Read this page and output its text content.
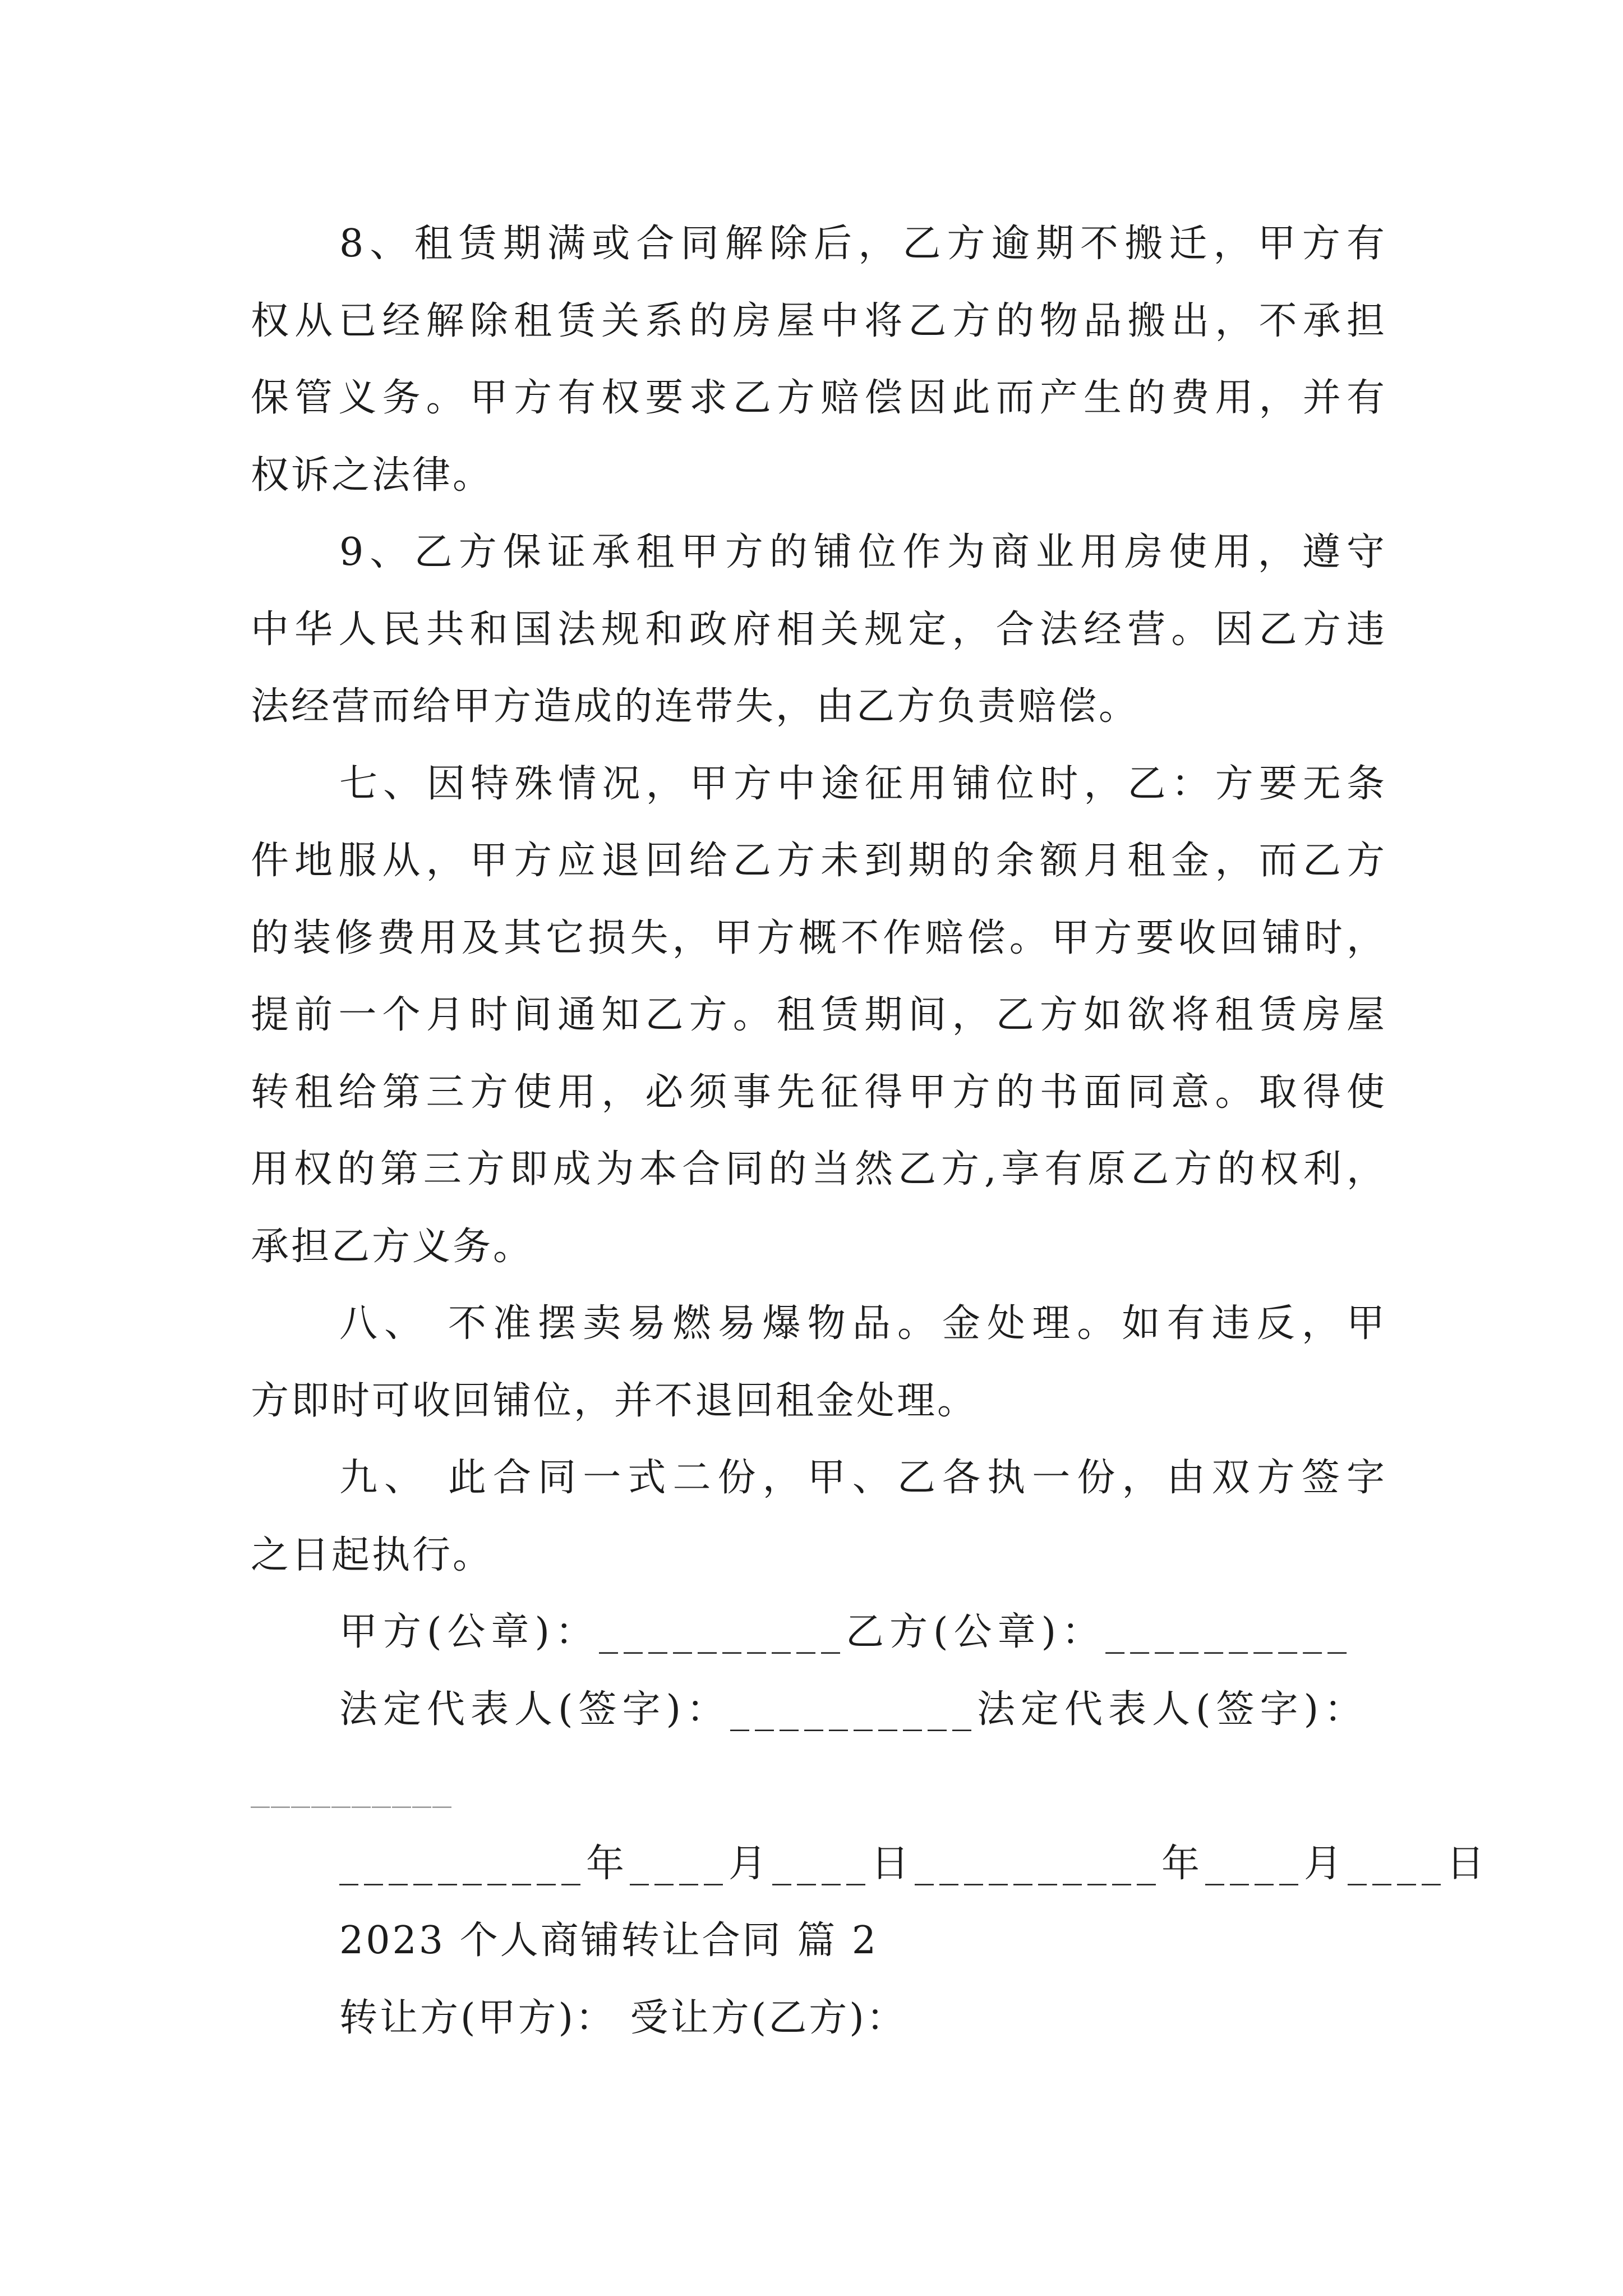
8、租赁期满或合同解除后，乙方逾期不搬迁，甲方有
权从已经解除租赁关系的房屋中将乙方的物品搬出，不承担
保管义务。甲方有权要求乙方赔偿因此而产生的费用，并有
权诉之法律。
9、乙方保证承租甲方的铺位作为商业用房使用，遵守
中华人民共和国法规和政府相关规定，合法经营。因乙方违
法经营而给甲方造成的连带失，由乙方负责赔偿。
七、因特殊情况，甲方中途征用铺位时，乙：方要无条
件地服从，甲方应退回给乙方未到期的余额月租金，而乙方
的装修费用及其它损失，甲方概不作赔偿。甲方要收回铺时，
提前一个月时间通知乙方。租赁期间，乙方如欲将租赁房屋
转租给第三方使用，必须事先征得甲方的书面同意。取得使
用权的第三方即成为本合同的当然乙方,享有原乙方的权利，
承担乙方义务。
八、 不准摆卖易燃易爆物品。金处理。如有违反，甲
方即时可收回铺位，并不退回租金处理。
九、 此合同一式二份，甲、乙各执一份，由双方签字
之日起执行。
甲方(公章)：__________乙方(公章)：__________
法定代表人(签字)：__________法定代表人(签字)：
__________
__________年____月____日__________年____月____日
2023 个人商铺转让合同 篇 2
转让方(甲方)： 受让方(乙方)：
